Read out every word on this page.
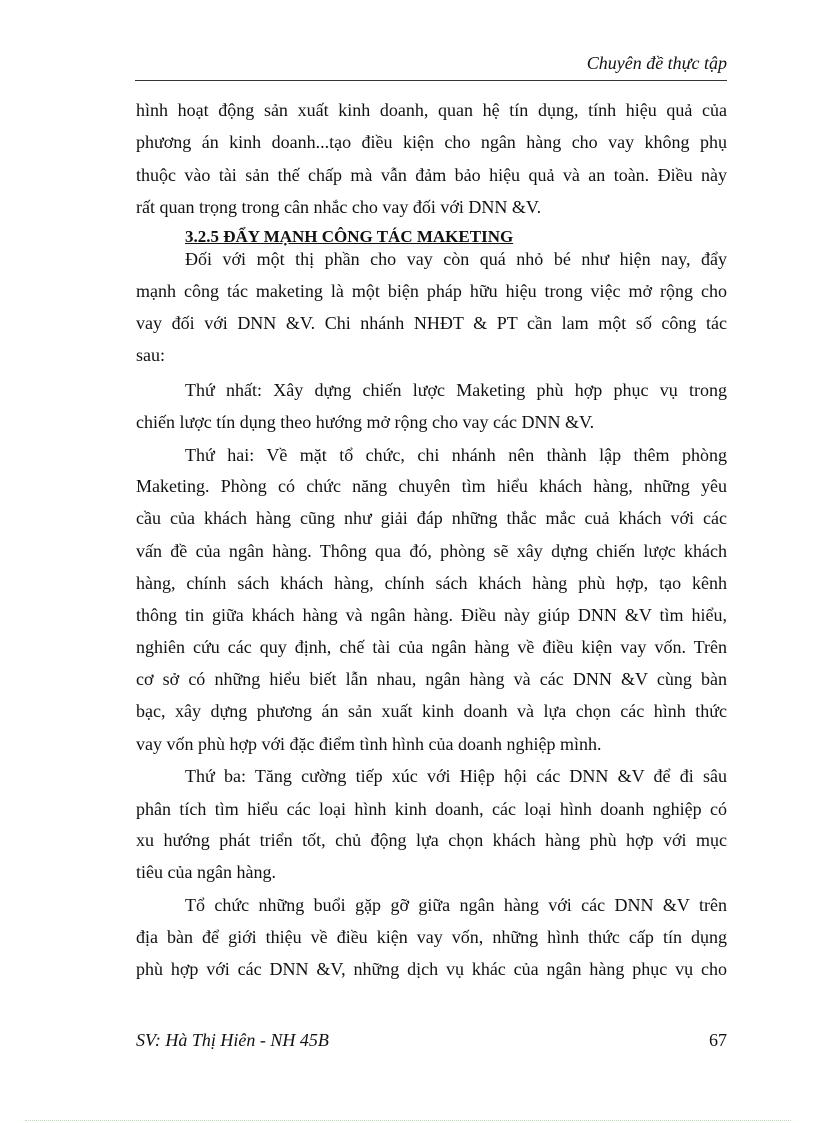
Chuyên đề thực tập
hình hoạt động sản xuất kinh doanh, quan hệ tín dụng, tính hiệu quả của
phương án kinh doanh...tạo điều kiện cho ngân hàng cho vay không phụ
thuộc vào tài sản thế chấp mà vẫn đảm bảo hiệu quả và an toàn. Điều này
rất quan trọng trong cân nhắc cho vay đối với DNN &V.
3.2.5 ĐẨY MẠNH CÔNG TÁC MAKETING
Đối với một thị phần cho vay còn quá nhỏ bé như hiện nay, đẩy
mạnh công tác maketing là một biện pháp hữu hiệu trong việc mở rộng cho
vay đối với DNN &V. Chi nhánh NHĐT & PT cần lam một số công tác
sau:
Thứ nhất: Xây dựng chiến lược Maketing phù hợp phục vụ trong
chiến lược tín dụng theo hướng mở rộng cho vay các DNN &V.
Thứ hai: Về mặt tổ chức, chi nhánh nên thành lập thêm phòng
Maketing. Phòng có chức năng chuyên tìm hiểu khách hàng, những yêu
cầu của khách hàng cũng như giải đáp những thắc mắc cuả khách với các
vấn đề của ngân hàng. Thông qua đó, phòng sẽ xây dựng chiến lược khách
hàng, chính sách khách hàng, chính sách khách hàng phù hợp, tạo kênh
thông tin giữa khách hàng và ngân hàng. Điều này giúp DNN &V tìm hiểu,
nghiên cứu các quy định, chế tài của ngân hàng về điều kiện vay vốn. Trên
cơ sở có những hiểu biết lẫn nhau, ngân hàng và các DNN &V cùng bàn
bạc, xây dựng phương án sản xuất kinh doanh và lựa chọn các hình thức
vay vốn phù hợp với đặc điểm tình hình của doanh nghiệp mình.
Thứ ba: Tăng cường tiếp xúc với Hiệp hội các DNN &V để đi sâu
phân tích tìm hiểu các loại hình kinh doanh, các loại hình doanh nghiệp có
xu hướng phát triển tốt, chủ động lựa chọn khách hàng phù hợp với mục
tiêu của ngân hàng.
Tổ chức những buổi gặp gỡ giữa ngân hàng với các DNN &V trên
địa bàn để giới thiệu về điều kiện vay vốn, những hình thức cấp tín dụng
phù hợp với các DNN &V, những dịch vụ khác của ngân hàng phục vụ cho
SV: Hà Thị Hiên - NH 45B	67
